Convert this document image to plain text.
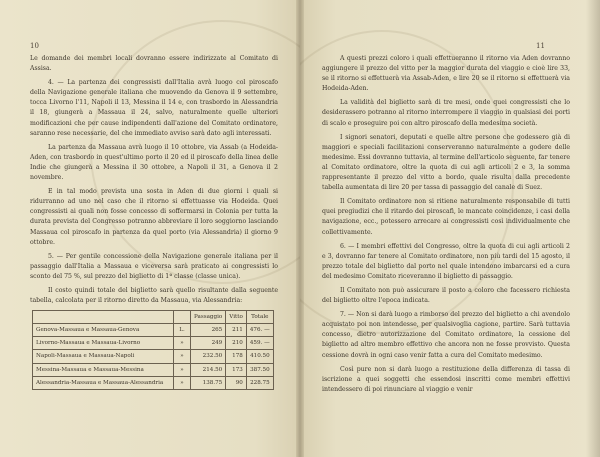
10

Le domande dei membri locali dovranno essere indirizzate al Comitato di Assisa.

4. — La partenza dei congressisti dall'Italia avrà luogo col piroscafo della Navigazione generale italiana che muovendo da Genova il 9 settembre, tocca Livorno l'11, Napoli il 13, Messina il 14 e, con trasbordo in Alessandria il 18, giungerà a Massaua il 24, salvo, naturalmente quelle ulteriori modificazioni che per cause indipendenti dall'azione del Comitato ordinatore, saranno rese necessarie, del che immediato avviso sarà dato agli interessati.

La partenza da Massaua avrà luogo il 10 ottobre, via Assab (a Hodeida-Aden, con trasbordo in quest'ultimo porto il 20 ed il piroscafo della linea delle Indie che giungerà a Messina il 30 ottobre, a Napoli il 31, a Genova il 2 novembre.

E in tal modo prevista una sosta in Aden di due giorni i quali si ridurranno ad uno nel caso che il ritorno si effettuasse via Hodeida. Quei congressisti ai quali non fosse concesso di soffermarsi in Colonia per tutta la durata prevista del Congresso potranno abbreviare il loro soggiorno lasciando Massaua col piroscafo in partenza da quel porto (via Alessandria) il giorno 9 ottobre.

5. — Per gentile concessione della Navigazione generale italiana per il passaggio dall'Italia a Massaua e viceversa sarà praticato ai congressisti lo sconto del 75 %, sul prezzo del biglietto di 1ª classe (classe unica).

Il costo quindi totale del biglietto sarà quello risultante dalla seguente tabella, calcolata per il ritorno diretto da Massaua, via Alessandria:

		Passaggio	Vitto	Totale
Genova-Massaua e Massaua-Genova	L.	265	211	476. —
Livorno-Massaua e Massaua-Livorno	»	249	210	459. —
Napoli-Massaua e Massaua-Napoli	»	232.50	178	410.50
Messina-Massaua e Massaua-Messina	»	214.50	173	387.50
Alessandria-Massaua e Massaua-Alessandria	»	138.75	90	228.75
11

A questi prezzi coloro i quali effettueranno il ritorno via Aden dovranno aggiungere il prezzo del vitto per la maggior durata del viaggio e cioè lire 33, se il ritorno si effettuerà via Assab-Aden, e lire 20 se il ritorno si effettuerà via Hodeida-Aden.

La validità del biglietto sarà di tre mesi, onde quei congressisti che lo desiderassero potranno al ritorno interrompere il viaggio in qualsiasi dei porti di scalo e proseguire poi con altro piroscafo della medesima società.

I signori senatori, deputati e quelle altre persone che godessero già di maggiori e speciali facilitazioni conserveranno naturalmente a godere delle medesime. Essi dovranno tuttavia, al termine dell'articolo seguente, far tenere al Comitato ordinatore, oltre la quota di cui agli articoli 2 e 3, la somma rappresentante il prezzo del vitto a bordo, quale risulta dalla precedente tabella aumentata di lire 20 per tassa di passaggio del canale di Suez.

Il Comitato ordinatore non si ritiene naturalmente responsabile di tutti quei pregiudizi che il ritardo dei piroscafi, le mancate coincidenze, i casi della navigazione, ecc., potessero arrecare ai congressisti così individualmente che collettivamente.

6. — I membri effettivi del Congresso, oltre la quota di cui agli articoli 2 e 3, dovranno far tenere al Comitato ordinatore, non più tardi del 15 agosto, il prezzo totale del biglietto dal porto nel quale intendono imbarcarsi ed a cura del medesimo Comitato riceveranno il biglietto di passaggio.

Il Comitato non può assicurare il posto a coloro che facessero richiesta del biglietto oltre l'epoca indicata.

7. — Non si darà luogo a rimborso del prezzo del biglietto a chi avendolo acquistato poi non intendesse, per qualsivoglia cagione, partire. Sarà tuttavia concesso, dietro autorizzazione del Comitato ordinatore, la cessione del biglietto ad altro membro effettivo che ancora non ne fosse provvisto. Questa cessione dovrà in ogni caso venir fatta a cura del Comitato medesimo.

Così pure non si darà luogo a restituzione della differenza di tassa di iscrizione a quei soggetti che essendosi inscritti come membri effettivi intendessero di poi rinunciare al viaggio e venir
